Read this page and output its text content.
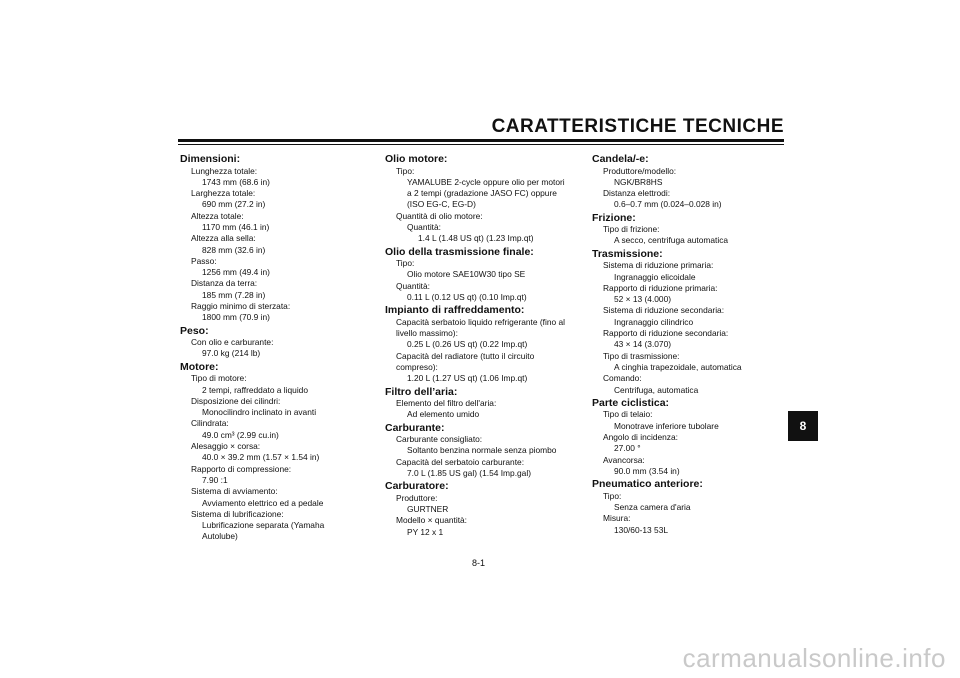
CARATTERISTICHE TECNICHE
Dimensioni:
Lunghezza totale:
1743 mm (68.6 in)
Larghezza totale:
690 mm (27.2 in)
Altezza totale:
1170 mm (46.1 in)
Altezza alla sella:
828 mm (32.6 in)
Passo:
1256 mm (49.4 in)
Distanza da terra:
185 mm (7.28 in)
Raggio minimo di sterzata:
1800 mm (70.9 in)
Peso:
Con olio e carburante:
97.0 kg (214 lb)
Motore:
Tipo di motore:
2 tempi, raffreddato a liquido
Disposizione dei cilindri:
Monocilindro inclinato in avanti
Cilindrata:
49.0 cm³ (2.99 cu.in)
Alesaggio × corsa:
40.0 × 39.2 mm (1.57 × 1.54 in)
Rapporto di compressione:
7.90 :1
Sistema di avviamento:
Avviamento elettrico ed a pedale
Sistema di lubrificazione:
Lubrificazione separata (Yamaha
Autolube)
Olio motore:
Tipo:
YAMALUBE 2-cycle oppure olio per motori
a 2 tempi (gradazione JASO FC) oppure
(ISO EG-C, EG-D)
Quantità di olio motore:
Quantità:
1.4 L (1.48 US qt) (1.23 Imp.qt)
Olio della trasmissione finale:
Tipo:
Olio motore SAE10W30 tipo SE
Quantità:
0.11 L (0.12 US qt) (0.10 Imp.qt)
Impianto di raffreddamento:
Capacità serbatoio liquido refrigerante (fino al
livello massimo):
0.25 L (0.26 US qt) (0.22 Imp.qt)
Capacità del radiatore (tutto il circuito
compreso):
1.20 L (1.27 US qt) (1.06 Imp.qt)
Filtro dell’aria:
Elemento del filtro dell'aria:
Ad elemento umido
Carburante:
Carburante consigliato:
Soltanto benzina normale senza piombo
Capacità del serbatoio carburante:
7.0 L (1.85 US gal) (1.54 Imp.gal)
Carburatore:
Produttore:
GURTNER
Modello × quantità:
PY 12 x 1
Candela/-e:
Produttore/modello:
NGK/BR8HS
Distanza elettrodi:
0.6–0.7 mm (0.024–0.028 in)
Frizione:
Tipo di frizione:
A secco, centrifuga automatica
Trasmissione:
Sistema di riduzione primaria:
Ingranaggio elicoidale
Rapporto di riduzione primaria:
52 × 13 (4.000)
Sistema di riduzione secondaria:
Ingranaggio cilindrico
Rapporto di riduzione secondaria:
43 × 14 (3.070)
Tipo di trasmissione:
A cinghia trapezoidale, automatica
Comando:
Centrifuga, automatica
Parte ciclistica:
Tipo di telaio:
Monotrave inferiore tubolare
Angolo di incidenza:
27.00 °
Avancorsa:
90.0 mm (3.54 in)
Pneumatico anteriore:
Tipo:
Senza camera d'aria
Misura:
130/60-13 53L
8
8-1
carmanualsonline.info
